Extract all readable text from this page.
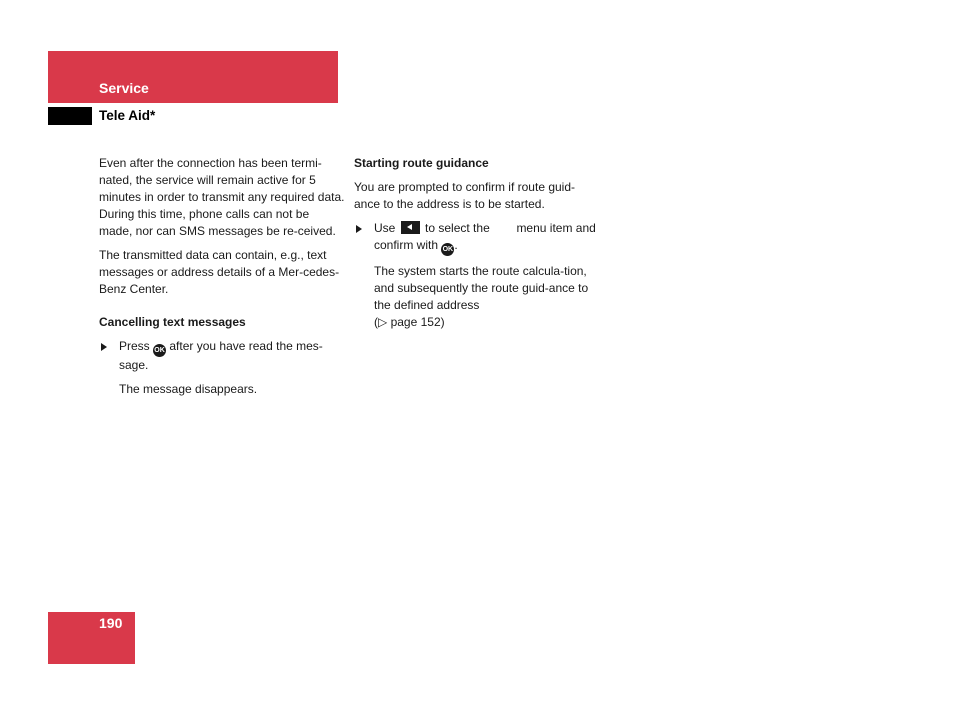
Service
Tele Aid*

Even after the connection has been termi-nated, the service will remain active for 5 minutes in order to transmit any required data. During this time, phone calls can not be made, nor can SMS messages be re-ceived.

The transmitted data can contain, e.g., text messages or address details of a Mer-cedes-Benz Center.

Cancelling text messages

Press OK after you have read the mes-sage.

The message disappears.

Starting route guidance

You are prompted to confirm if route guid-ance to the address is to be started.

Use to select the menu item and confirm with OK.

The system starts the route calcula-tion, and subsequently the route guid-ance to the defined address
(▷ page 152)

190
